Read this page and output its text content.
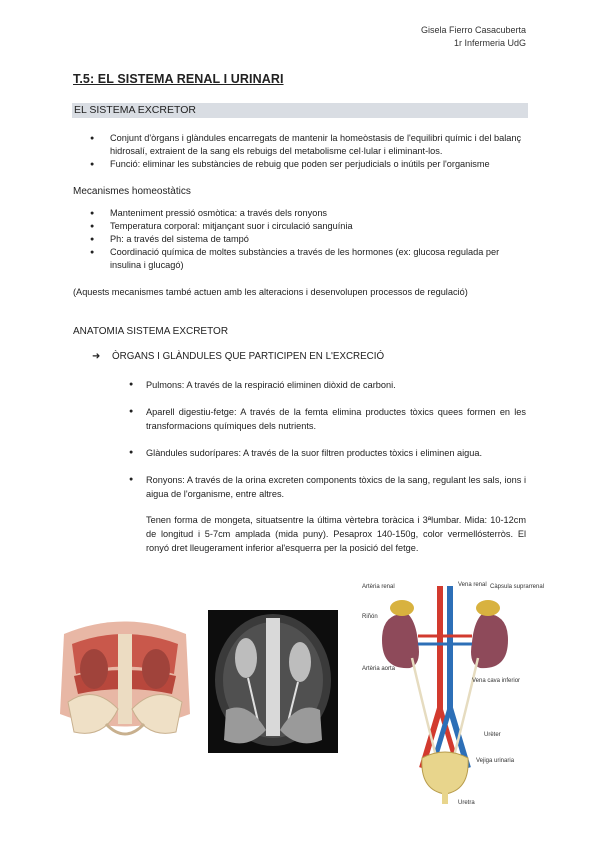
Gisela Fierro Casacuberta
1r Infermeria UdG
T.5: EL SISTEMA RENAL I URINARI
EL SISTEMA EXCRETOR
● Conjunt d'òrgans i glàndules encarregats de mantenir la homeòstasis de l'equilibri químic i del balanç hidrosalí, extraient de la sang els rebuigs del metabolisme cel·lular i eliminant-los.
● Funció: eliminar les substàncies de rebuig que poden ser perjudicials o inútils per l'organisme
Mecanismes homeostàtics
● Manteniment pressió osmòtica: a través dels ronyons
● Temperatura corporal: mitjançant suor i circulació sanguínia
● Ph: a través del sistema de tampó
● Coordinació química de moltes substàncies a través de les hormones (ex: glucosa regulada per insulina i glucagó)
(Aquests mecanismes també actuen amb les alteracions i desenvolupen processos de regulació)
ANATOMIA SISTEMA EXCRETOR
➜ ÒRGANS I GLÀNDULES QUE PARTICIPEN EN L'EXCRECIÓ
● Pulmons: A través de la respiració eliminen diòxid de carboni.
● Aparell digestiu-fetge: A través de la femta elimina productes tòxics quees formen en les transformacions químiques dels nutrients.
● Glàndules sudorípares: A través de la suor filtren productes tòxics i eliminen aigua.
● Ronyons: A través de la orina excreten components tòxics de la sang, regulant les sals, ions i aigua de l'organisme, entre altres.
Tenen forma de mongeta, situatsentre la última vèrtebra toràcica i 3ªlumbar. Mida: 10-12cm de longitud i 5-7cm amplada (mida puny). Pesaprox 140-150g, color vermellósterròs. El ronyó dret lleugerament inferior al'esquerra per la posició del fetge.
Artèria renal	Vena renal Càpsula suprarrenal
Riñón
Artèria aorta
Vena cava inferior
Urèter
Vejiga urinaria
Uretra
